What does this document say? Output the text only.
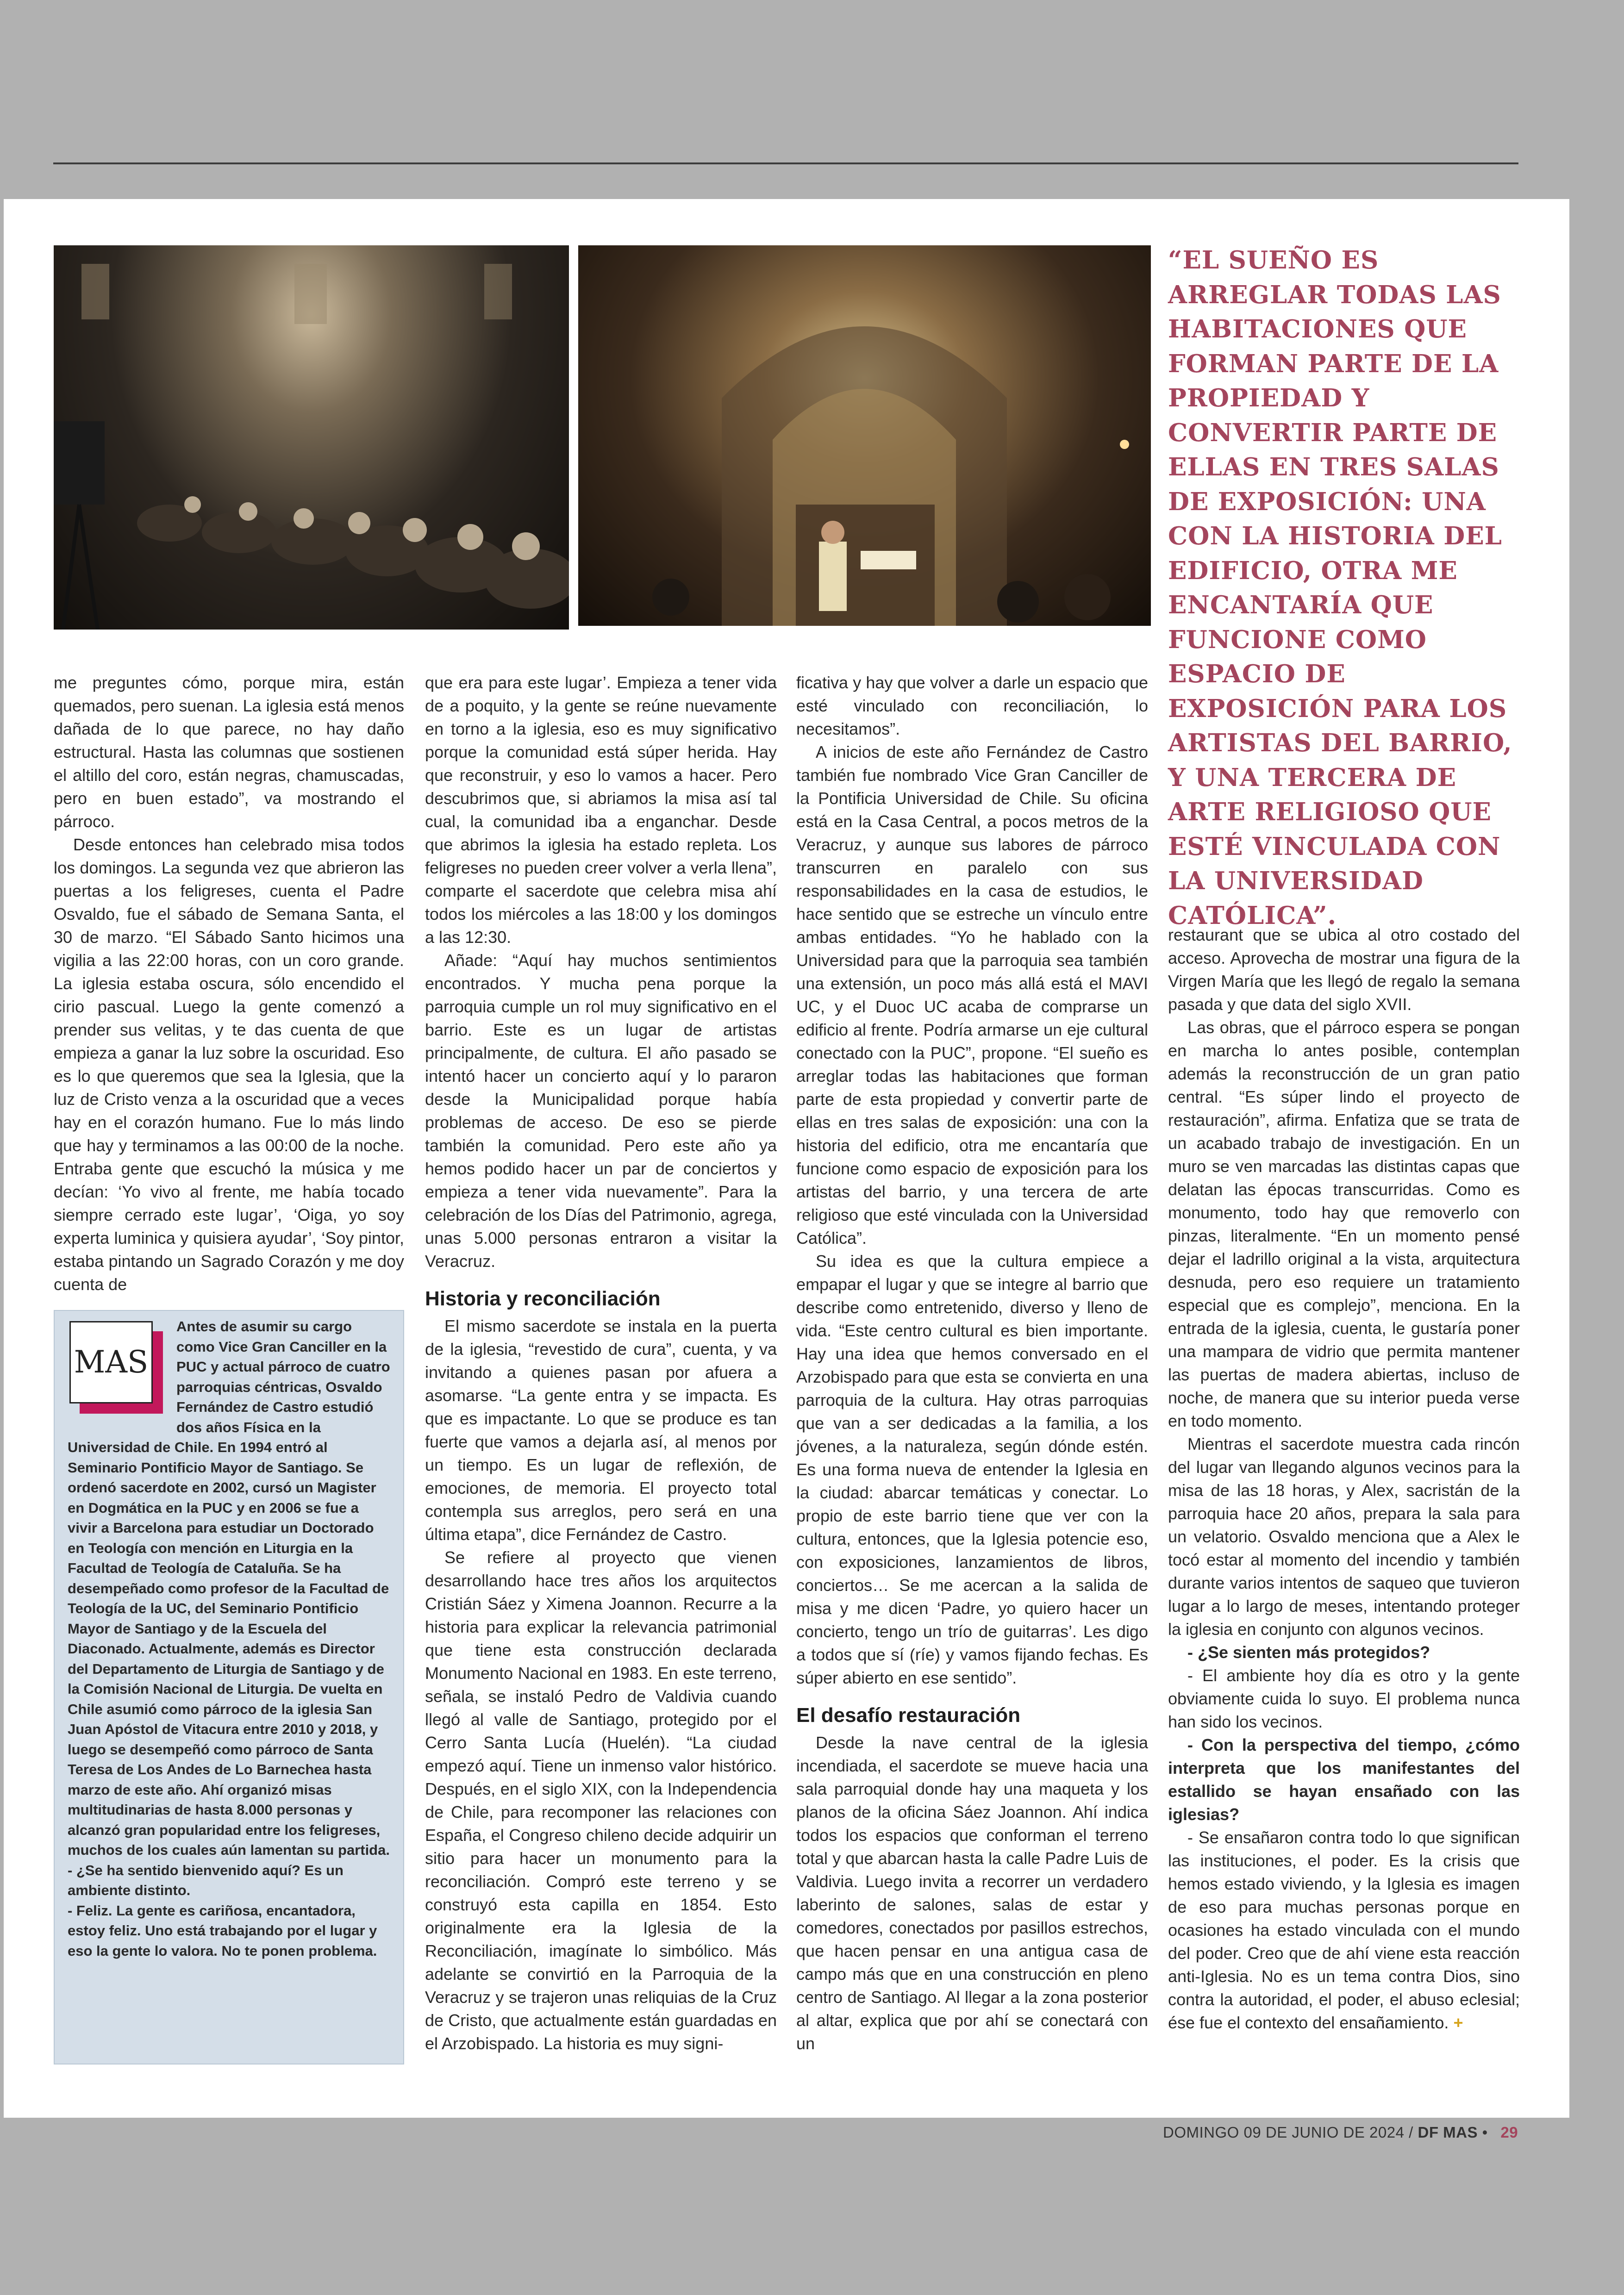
“EL SUEÑO ES ARREGLAR TODAS LAS HABITACIONES QUE FORMAN PARTE DE LA PROPIEDAD Y CONVERTIR PARTE DE ELLAS EN TRES SALAS DE EXPOSICIÓN: UNA CON LA HISTORIA DEL EDIFICIO, OTRA ME ENCANTARÍA QUE FUNCIONE COMO ESPACIO DE EXPOSICIÓN PARA LOS ARTISTAS DEL BARRIO, Y UNA TERCERA DE ARTE RELIGIOSO QUE ESTÉ VINCULADA CON LA UNIVERSIDAD CATÓLICA”.

me preguntes cómo, porque mira, están quemados, pero suenan. La iglesia está menos dañada de lo que parece, no hay daño estructural. Hasta las columnas que sostienen el altillo del coro, están negras, chamuscadas, pero en buen estado”, va mostrando el párroco.

Desde entonces han celebrado misa todos los domingos. La segunda vez que abrieron las puertas a los feligreses, cuenta el Padre Osvaldo, fue el sábado de Semana Santa, el 30 de marzo. “El Sábado Santo hicimos una vigilia a las 22:00 horas, con un coro grande. La iglesia estaba oscura, sólo encendido el cirio pascual. Luego la gente comenzó a prender sus velitas, y te das cuenta de que empieza a ganar la luz sobre la oscuridad. Eso es lo que queremos que sea la Iglesia, que la luz de Cristo venza a la oscuridad que a veces hay en el corazón humano. Fue lo más lindo que hay y terminamos a las 00:00 de la noche. Entraba gente que escuchó la música y me decían: ‘Yo vivo al frente, me había tocado siempre cerrado este lugar’, ‘Oiga, yo soy experta luminica y quisiera ayudar’, ‘Soy pintor, estaba pintando un Sagrado Corazón y me doy cuenta de

MAS

Antes de asumir su cargo como Vice Gran Canciller en la PUC y actual párroco de cuatro parroquias céntricas, Osvaldo Fernández de Castro estudió dos años Física en la Universidad de Chile. En 1994 entró al Seminario Pontificio Mayor de Santiago. Se ordenó sacerdote en 2002, cursó un Magister en Dogmática en la PUC y en 2006 se fue a vivir a Barcelona para estudiar un Doctorado en Teología con mención en Liturgia en la Facultad de Teología de Cataluña. Se ha desempeñado como profesor de la Facultad de Teología de la UC, del Seminario Pontificio Mayor de Santiago y de la Escuela del Diaconado. Actualmente, además es Director del Departamento de Liturgia de Santiago y de la Comisión Nacional de Liturgia. De vuelta en Chile asumió como párroco de la iglesia San Juan Apóstol de Vitacura entre 2010 y 2018, y luego se desempeñó como párroco de Santa Teresa de Los Andes de Lo Barnechea hasta marzo de este año. Ahí organizó misas multitudinarias de hasta 8.000 personas y alcanzó gran popularidad entre los feligreses, muchos de los cuales aún lamentan su partida.

- ¿Se ha sentido bienvenido aquí? Es un ambiente distinto.

- Feliz. La gente es cariñosa, encantadora, estoy feliz. Uno está trabajando por el lugar y eso la gente lo valora. No te ponen problema.

que era para este lugar’. Empieza a tener vida de a poquito, y la gente se reúne nuevamente en torno a la iglesia, eso es muy significativo porque la comunidad está súper herida. Hay que reconstruir, y eso lo vamos a hacer. Pero descubrimos que, si abriamos la misa así tal cual, la comunidad iba a enganchar. Desde que abrimos la iglesia ha estado repleta. Los feligreses no pueden creer volver a verla llena”, comparte el sacerdote que celebra misa ahí todos los miércoles a las 18:00 y los domingos a las 12:30.

Añade: “Aquí hay muchos sentimientos encontrados. Y mucha pena porque la parroquia cumple un rol muy significativo en el barrio. Este es un lugar de artistas principalmente, de cultura. El año pasado se intentó hacer un concierto aquí y lo pararon desde la Municipalidad porque había problemas de acceso. De eso se pierde también la comunidad. Pero este año ya hemos podido hacer un par de conciertos y empieza a tener vida nuevamente”. Para la celebración de los Días del Patrimonio, agrega, unas 5.000 personas entraron a visitar la Veracruz.

Historia y reconciliación

El mismo sacerdote se instala en la puerta de la iglesia, “revestido de cura”, cuenta, y va invitando a quienes pasan por afuera a asomarse. “La gente entra y se impacta. Es que es impactante. Lo que se produce es tan fuerte que vamos a dejarla así, al menos por un tiempo. Es un lugar de reflexión, de emociones, de memoria. El proyecto total contempla sus arreglos, pero será en una última etapa”, dice Fernández de Castro.

Se refiere al proyecto que vienen desarrollando hace tres años los arquitectos Cristián Sáez y Ximena Joannon. Recurre a la historia para explicar la relevancia patrimonial que tiene esta construcción declarada Monumento Nacional en 1983. En este terreno, señala, se instaló Pedro de Valdivia cuando llegó al valle de Santiago, protegido por el Cerro Santa Lucía (Huelén). “La ciudad empezó aquí. Tiene un inmenso valor histórico. Después, en el siglo XIX, con la Independencia de Chile, para recomponer las relaciones con España, el Congreso chileno decide adquirir un sitio para hacer un monumento para la reconciliación. Compró este terreno y se construyó esta capilla en 1854. Esto originalmente era la Iglesia de la Reconciliación, imagínate lo simbólico. Más adelante se convirtió en la Parroquia de la Veracruz y se trajeron unas reliquias de la Cruz de Cristo, que actualmente están guardadas en el Arzobispado. La historia es muy signi-

ficativa y hay que volver a darle un espacio que esté vinculado con reconciliación, lo necesitamos”.

A inicios de este año Fernández de Castro también fue nombrado Vice Gran Canciller de la Pontificia Universidad de Chile. Su oficina está en la Casa Central, a pocos metros de la Veracruz, y aunque sus labores de párroco transcurren en paralelo con sus responsabilidades en la casa de estudios, le hace sentido que se estreche un vínculo entre ambas entidades. “Yo he hablado con la Universidad para que la parroquia sea también una extensión, un poco más allá está el MAVI UC, y el Duoc UC acaba de comprarse un edificio al frente. Podría armarse un eje cultural conectado con la PUC”, propone. “El sueño es arreglar todas las habitaciones que forman parte de esta propiedad y convertir parte de ellas en tres salas de exposición: una con la historia del edificio, otra me encantaría que funcione como espacio de exposición para los artistas del barrio, y una tercera de arte religioso que esté vinculada con la Universidad Católica”.

Su idea es que la cultura empiece a empapar el lugar y que se integre al barrio que describe como entretenido, diverso y lleno de vida. “Este centro cultural es bien importante. Hay una idea que hemos conversado en el Arzobispado para que esta se convierta en una parroquia de la cultura. Hay otras parroquias que van a ser dedicadas a la familia, a los jóvenes, a la naturaleza, según dónde estén. Es una forma nueva de entender la Iglesia en la ciudad: abarcar temáticas y conectar. Lo propio de este barrio tiene que ver con la cultura, entonces, que la Iglesia potencie eso, con exposiciones, lanzamientos de libros, conciertos… Se me acercan a la salida de misa y me dicen ‘Padre, yo quiero hacer un concierto, tengo un trío de guitarras’. Les digo a todos que sí (ríe) y vamos fijando fechas. Es súper abierto en ese sentido”.

El desafío restauración

Desde la nave central de la iglesia incendiada, el sacerdote se mueve hacia una sala parroquial donde hay una maqueta y los planos de la oficina Sáez Joannon. Ahí indica todos los espacios que conforman el terreno total y que abarcan hasta la calle Padre Luis de Valdivia. Luego invita a recorrer un verdadero laberinto de salones, salas de estar y comedores, conectados por pasillos estrechos, que hacen pensar en una antigua casa de campo más que en una construcción en pleno centro de Santiago. Al llegar a la zona posterior al altar, explica que por ahí se conectará con un

restaurant que se ubica al otro costado del acceso. Aprovecha de mostrar una figura de la Virgen María que les llegó de regalo la semana pasada y que data del siglo XVII.

Las obras, que el párroco espera se pongan en marcha lo antes posible, contemplan además la reconstrucción de un gran patio central. “Es súper lindo el proyecto de restauración”, afirma. Enfatiza que se trata de un acabado trabajo de investigación. En un muro se ven marcadas las distintas capas que delatan las épocas transcurridas. Como es monumento, todo hay que removerlo con pinzas, literalmente. “En un momento pensé dejar el ladrillo original a la vista, arquitectura desnuda, pero eso requiere un tratamiento especial que es complejo”, menciona. En la entrada de la iglesia, cuenta, le gustaría poner una mampara de vidrio que permita mantener las puertas de madera abiertas, incluso de noche, de manera que su interior pueda verse en todo momento.

Mientras el sacerdote muestra cada rincón del lugar van llegando algunos vecinos para la misa de las 18 horas, y Alex, sacristán de la parroquia hace 20 años, prepara la sala para un velatorio. Osvaldo menciona que a Alex le tocó estar al momento del incendio y también durante varios intentos de saqueo que tuvieron lugar a lo largo de meses, intentando proteger la iglesia en conjunto con algunos vecinos.

- ¿Se sienten más protegidos?

- El ambiente hoy día es otro y la gente obviamente cuida lo suyo. El problema nunca han sido los vecinos.

- Con la perspectiva del tiempo, ¿cómo interpreta que los manifestantes del estallido se hayan ensañado con las iglesias?

- Se ensañaron contra todo lo que significan las instituciones, el poder. Es la crisis que hemos estado viviendo, y la Iglesia es imagen de eso para muchas personas porque en ocasiones ha estado vinculada con el mundo del poder. Creo que de ahí viene esta reacción anti-Iglesia. No es un tema contra Dios, sino contra la autoridad, el poder, el abuso eclesial; ése fue el contexto del ensañamiento. +

DOMINGO 09 DE JUNIO DE 2024 / DF MAS • 29
